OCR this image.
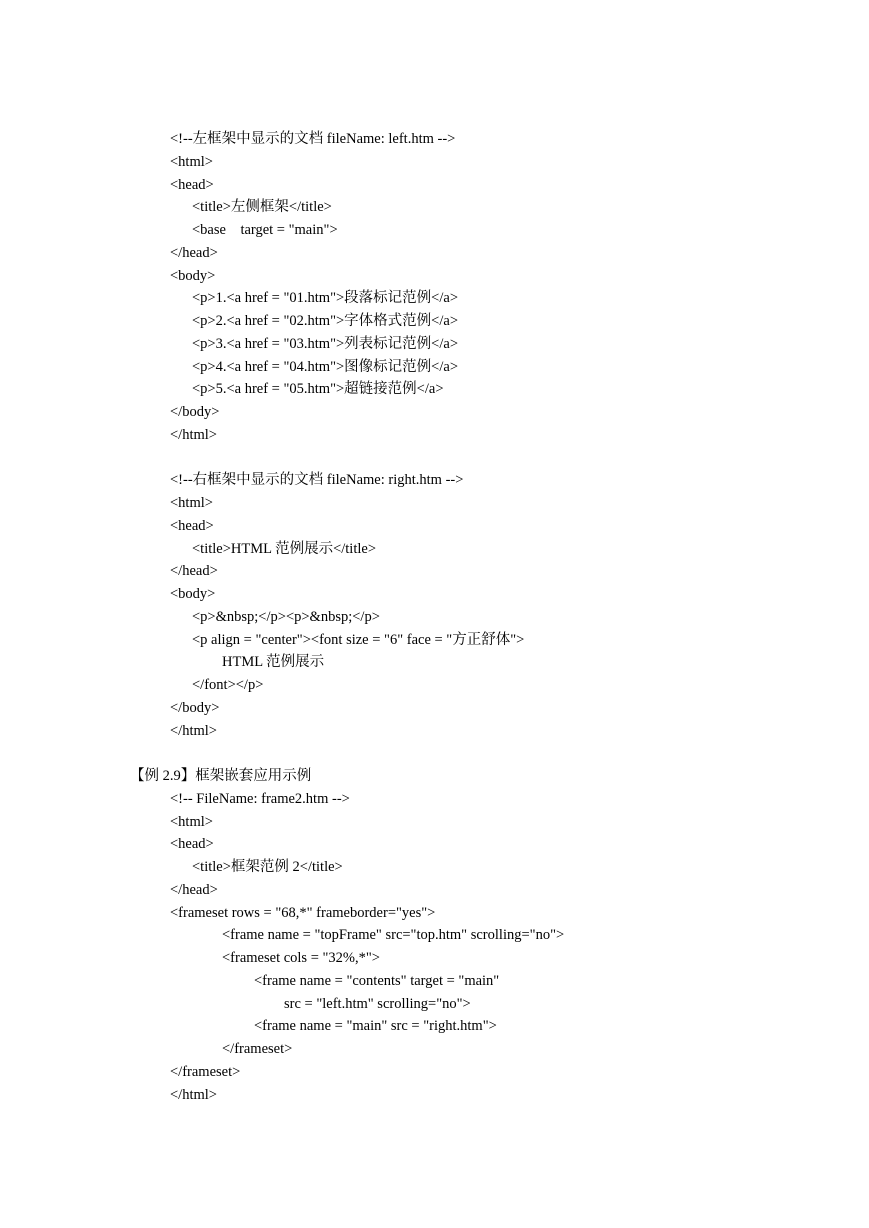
<!--左框架中显示的文档 fileName: left.htm -->
<html>
<head>
<title>左侧框架</title>
<base    target = "main">
</head>
<body>
<p>1.<a href = "01.htm">段落标记范例</a>
<p>2.<a href = "02.htm">字体格式范例</a>
<p>3.<a href = "03.htm">列表标记范例</a>
<p>4.<a href = "04.htm">图像标记范例</a>
<p>5.<a href = "05.htm">超链接范例</a>
</body>
</html>
<!--右框架中显示的文档 fileName: right.htm -->
<html>
<head>
<title>HTML 范例展示</title>
</head>
<body>
<p>&nbsp;</p><p>&nbsp;</p>
<p align = "center"><font size = "6" face = "方正舒体">
HTML 范例展示
</font></p>
</body>
</html>
【例 2.9】框架嵌套应用示例
<!-- FileName: frame2.htm -->
<html>
<head>
<title>框架范例 2</title>
</head>
<frameset rows = "68,*" frameborder="yes">
<frame name = "topFrame" src="top.htm" scrolling="no">
<frameset cols = "32%,*">
<frame name = "contents" target = "main"
src = "left.htm" scrolling="no">
<frame name = "main" src = "right.htm">
</frameset>
</frameset>
</html>
